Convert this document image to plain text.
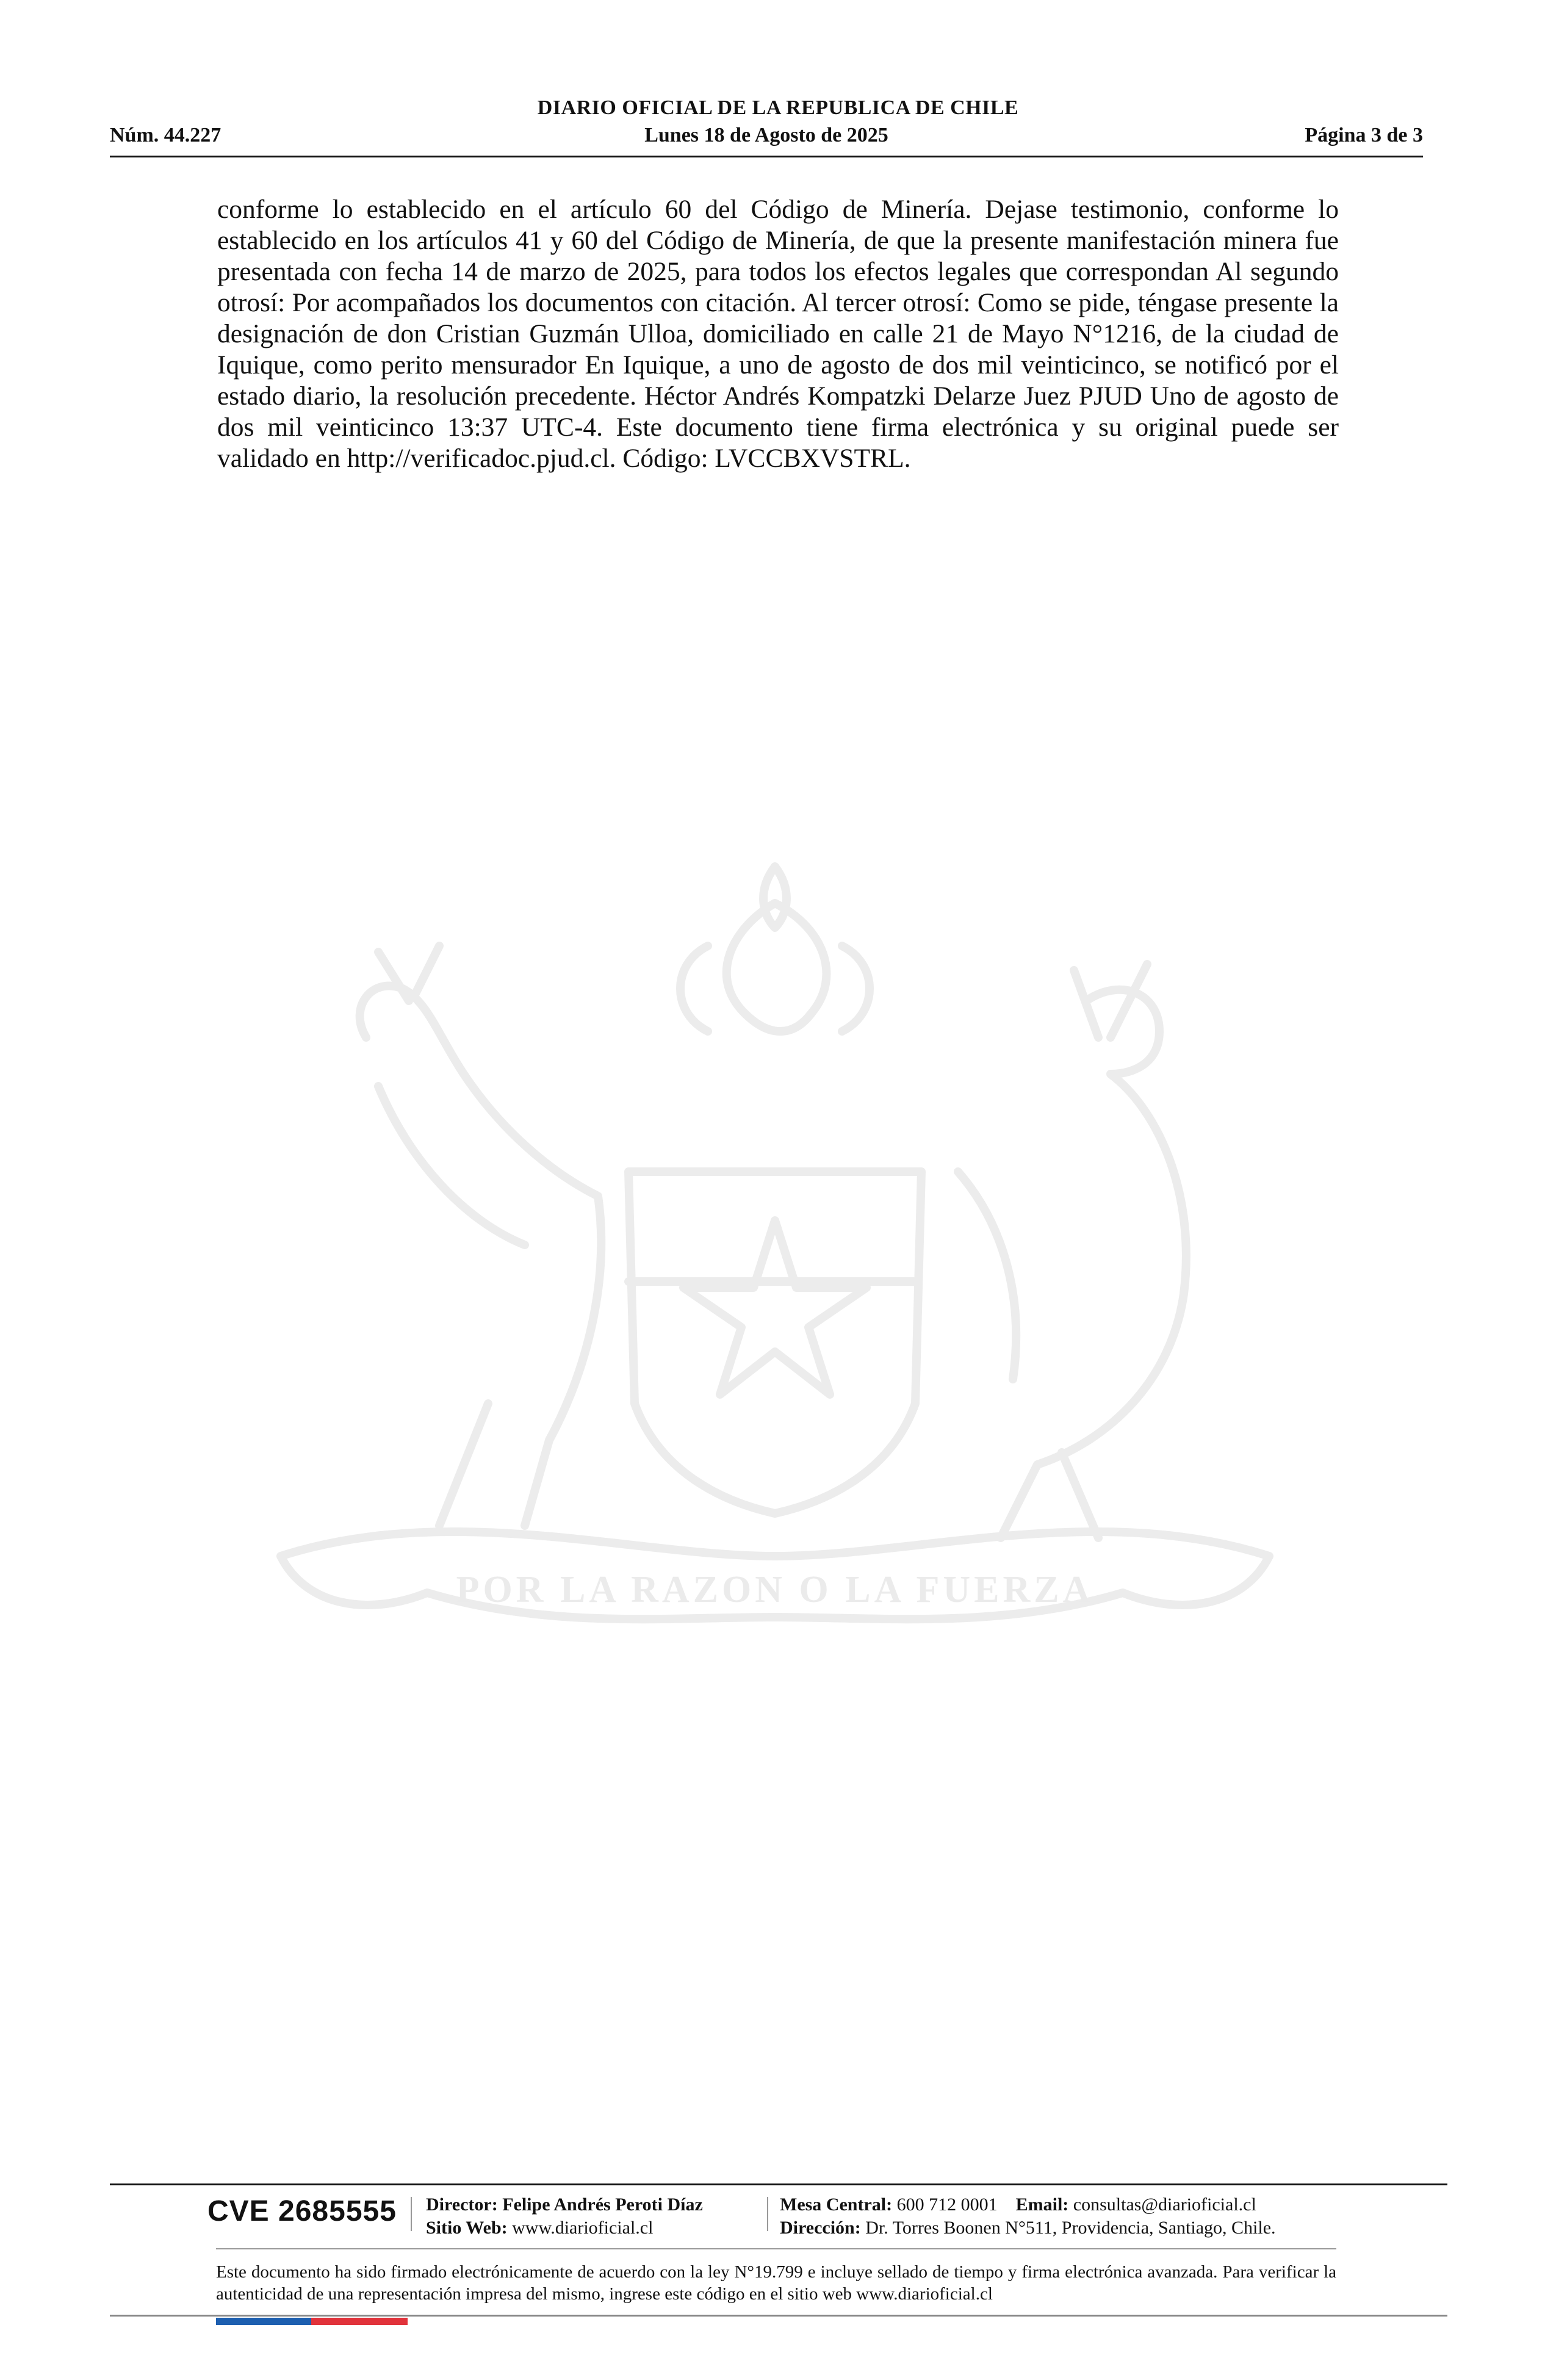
DIARIO OFICIAL DE LA REPUBLICA DE CHILE
Núm. 44.227	Lunes 18 de Agosto de 2025	Página 3 de 3
conforme lo establecido en el artículo 60 del Código de Minería. Dejase testimonio, conforme lo establecido en los artículos 41 y 60 del Código de Minería, de que la presente manifestación minera fue presentada con fecha 14 de marzo de 2025, para todos los efectos legales que correspondan Al segundo otrosí: Por acompañados los documentos con citación. Al tercer otrosí: Como se pide, téngase presente la designación de don Cristian Guzmán Ulloa, domiciliado en calle 21 de Mayo N°1216, de la ciudad de Iquique, como perito mensurador En Iquique, a uno de agosto de dos mil veinticinco, se notificó por el estado diario, la resolución precedente. Héctor Andrés Kompatzki Delarze Juez PJUD Uno de agosto de dos mil veinticinco 13:37 UTC-4. Este documento tiene firma electrónica y su original puede ser validado en http://verificadoc.pjud.cl. Código: LVCCBXVSTRL.
POR LA RAZON O LA FUERZA
CVE 2685555 Director: Felipe Andrés Peroti Díaz
Sitio Web: www.diarioficial.cl
Mesa Central: 600 712 0001 Email: consultas@diarioficial.cl
Dirección: Dr. Torres Boonen N°511, Providencia, Santiago, Chile.
Este documento ha sido firmado electrónicamente de acuerdo con la ley N°19.799 e incluye sellado de tiempo y firma electrónica avanzada. Para verificar la autenticidad de una representación impresa del mismo, ingrese este código en el sitio web www.diarioficial.cl
